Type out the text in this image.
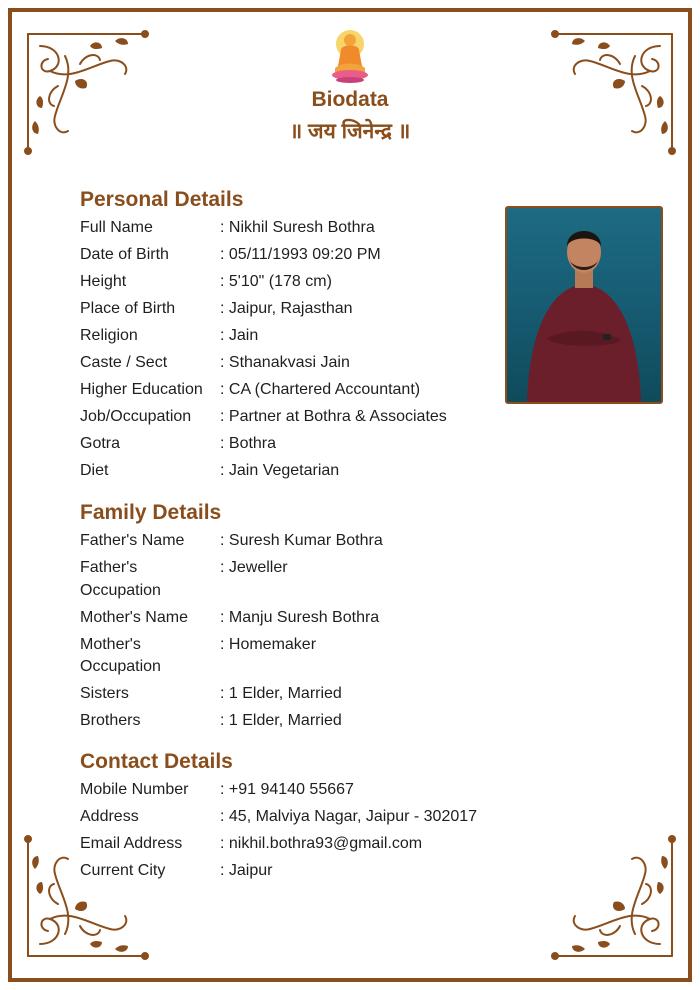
Biodata
॥ जय जिनेन्द्र ॥
Personal Details
Full Name	: Nikhil Suresh Bothra
Date of Birth	: 05/11/1993 09:20 PM
Height	: 5'10" (178 cm)
Place of Birth	: Jaipur, Rajasthan
Religion	: Jain
Caste / Sect	: Sthanakvasi Jain
Higher Education : CA (Chartered Accountant)
Job/Occupation : Partner at Bothra & Associates
Gotra	: Bothra
Diet	: Jain Vegetarian
Family Details
Father's Name	: Suresh Kumar Bothra
Father's Occupation: Jeweller
Mother's Name	: Manju Suresh Bothra
Mother's Occupation: Homemaker
Sisters	: 1 Elder, Married
Brothers	: 1 Elder, Married
Contact Details
Mobile Number	: +91 94140 55667
Address	: 45, Malviya Nagar, Jaipur - 302017
Email Address	: nikhil.bothra93@gmail.com
Current City	: Jaipur
